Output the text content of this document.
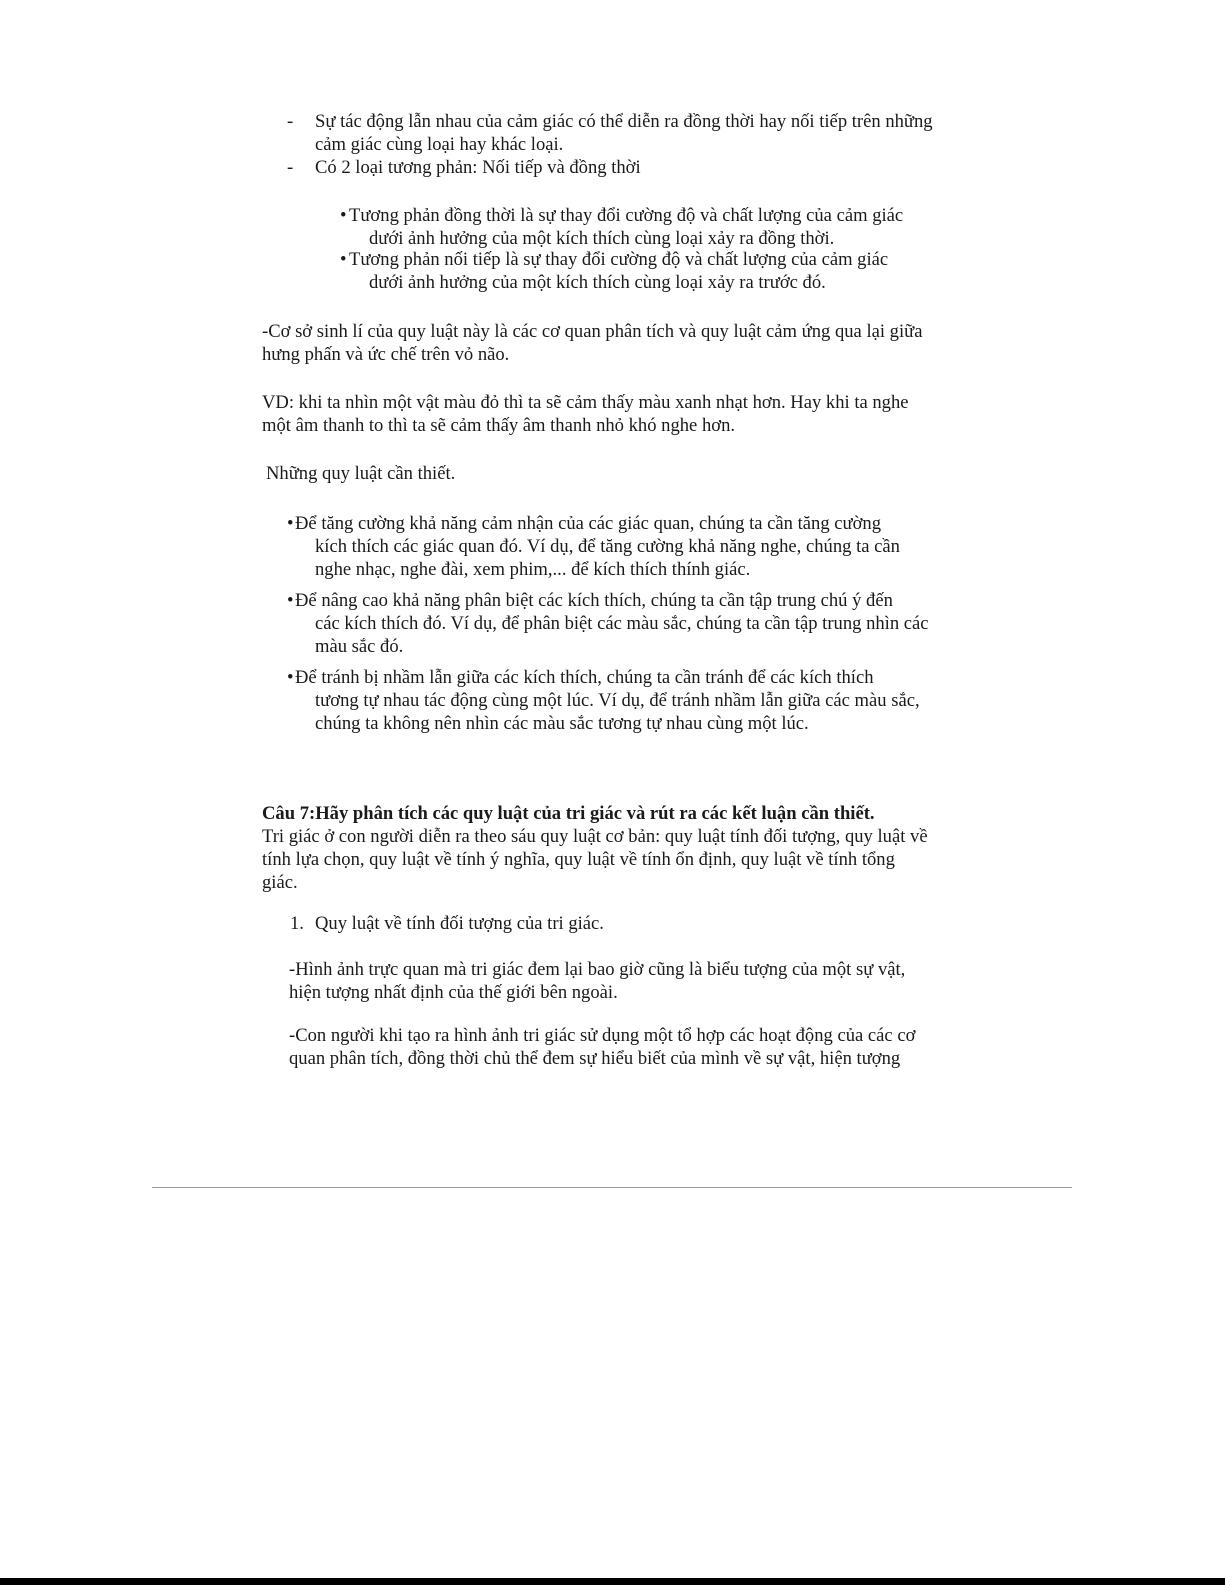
- Sự tác động lẫn nhau của cảm giác có thể diễn ra đồng thời hay nối tiếp trên những
cảm giác cùng loại hay khác loại.
- Có 2 loại tương phản: Nối tiếp và đồng thời
• Tương phản đồng thời là sự thay đổi cường độ và chất lượng của cảm giác
dưới ảnh hưởng của một kích thích cùng loại xảy ra đồng thời.
• Tương phản nối tiếp là sự thay đổi cường độ và chất lượng của cảm giác
dưới ảnh hưởng của một kích thích cùng loại xảy ra trước đó.
-Cơ sở sinh lí của quy luật này là các cơ quan phân tích và quy luật cảm ứng qua lại giữa
hưng phấn và ức chế trên vỏ não.
VD: khi ta nhìn một vật màu đỏ thì ta sẽ cảm thấy màu xanh nhạt hơn. Hay khi ta nghe
một âm thanh to thì ta sẽ cảm thấy âm thanh nhỏ khó nghe hơn.
Những quy luật cần thiết.
• Để tăng cường khả năng cảm nhận của các giác quan, chúng ta cần tăng cường
kích thích các giác quan đó. Ví dụ, để tăng cường khả năng nghe, chúng ta cần
nghe nhạc, nghe đài, xem phim,... để kích thích thính giác.
• Để nâng cao khả năng phân biệt các kích thích, chúng ta cần tập trung chú ý đến
các kích thích đó. Ví dụ, để phân biệt các màu sắc, chúng ta cần tập trung nhìn các
màu sắc đó.
• Để tránh bị nhầm lẫn giữa các kích thích, chúng ta cần tránh để các kích thích
tương tự nhau tác động cùng một lúc. Ví dụ, để tránh nhầm lẫn giữa các màu sắc,
chúng ta không nên nhìn các màu sắc tương tự nhau cùng một lúc.
Câu 7:Hãy phân tích các quy luật của tri giác và rút ra các kết luận cần thiết.
Tri giác ở con người diễn ra theo sáu quy luật cơ bản: quy luật tính đối tượng, quy luật về
tính lựa chọn, quy luật về tính ý nghĩa, quy luật về tính ổn định, quy luật về tính tổng
giác.
1. Quy luật về tính đối tượng của tri giác.
-Hình ảnh trực quan mà tri giác đem lại bao giờ cũng là biểu tượng của một sự vật,
hiện tượng nhất định của thế giới bên ngoài.
-Con người khi tạo ra hình ảnh tri giác sử dụng một tổ hợp các hoạt động của các cơ
quan phân tích, đồng thời chủ thể đem sự hiểu biết của mình về sự vật, hiện tượng
